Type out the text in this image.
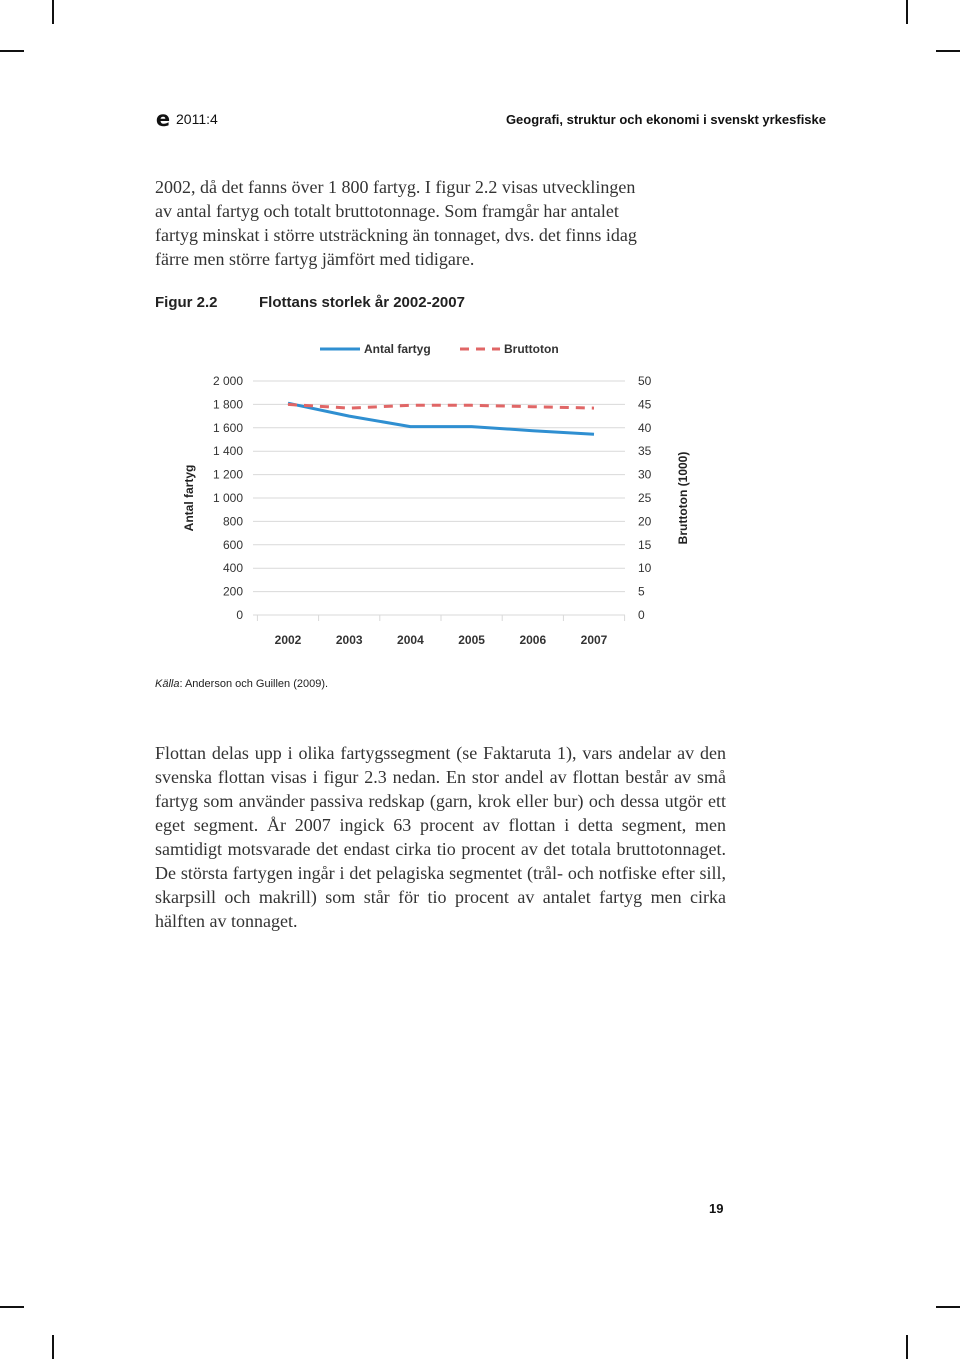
e 2011:4	Geografi, struktur och ekonomi i svenskt yrkesfiske

2002, då det fanns över 1 800 fartyg. I figur 2.2 visas utvecklingen
av antal fartyg och totalt bruttotonnage. Som framgår har antalet
fartyg minskat i större utsträckning än tonnaget, dvs. det finns idag
färre men större fartyg jämfört med tidigare.

Figur 2.2	Flottans storlek år 2002-2007
0
200
400
600
800
1 000
1 200
1 400
1 600
1 800
2 000
0
5
10
15
20
25
30
35
40
45
50
2002	2003	2004	2005	2006	2007
Antal fartyg	Bruttoton
Antal fartyg	Bruttoton (1000)
Källa: Anderson och Guillen (2009).

Flottan delas upp i olika fartygssegment (se Faktaruta 1), vars andelar av den svenska flottan visas i figur 2.3 nedan. En stor andel av flottan består av små fartyg som använder passiva redskap (garn, krok eller bur) och dessa utgör ett eget segment. År 2007 ingick 63 procent av flottan i detta segment, men samtidigt motsvarade det endast cirka tio procent av det totala bruttotonnaget. De största fartygen ingår i det pelagiska segmentet (trål- och notfiske efter sill, skarpsill och makrill) som står för tio procent av antalet fartyg men cirka hälften av tonnaget.

19
